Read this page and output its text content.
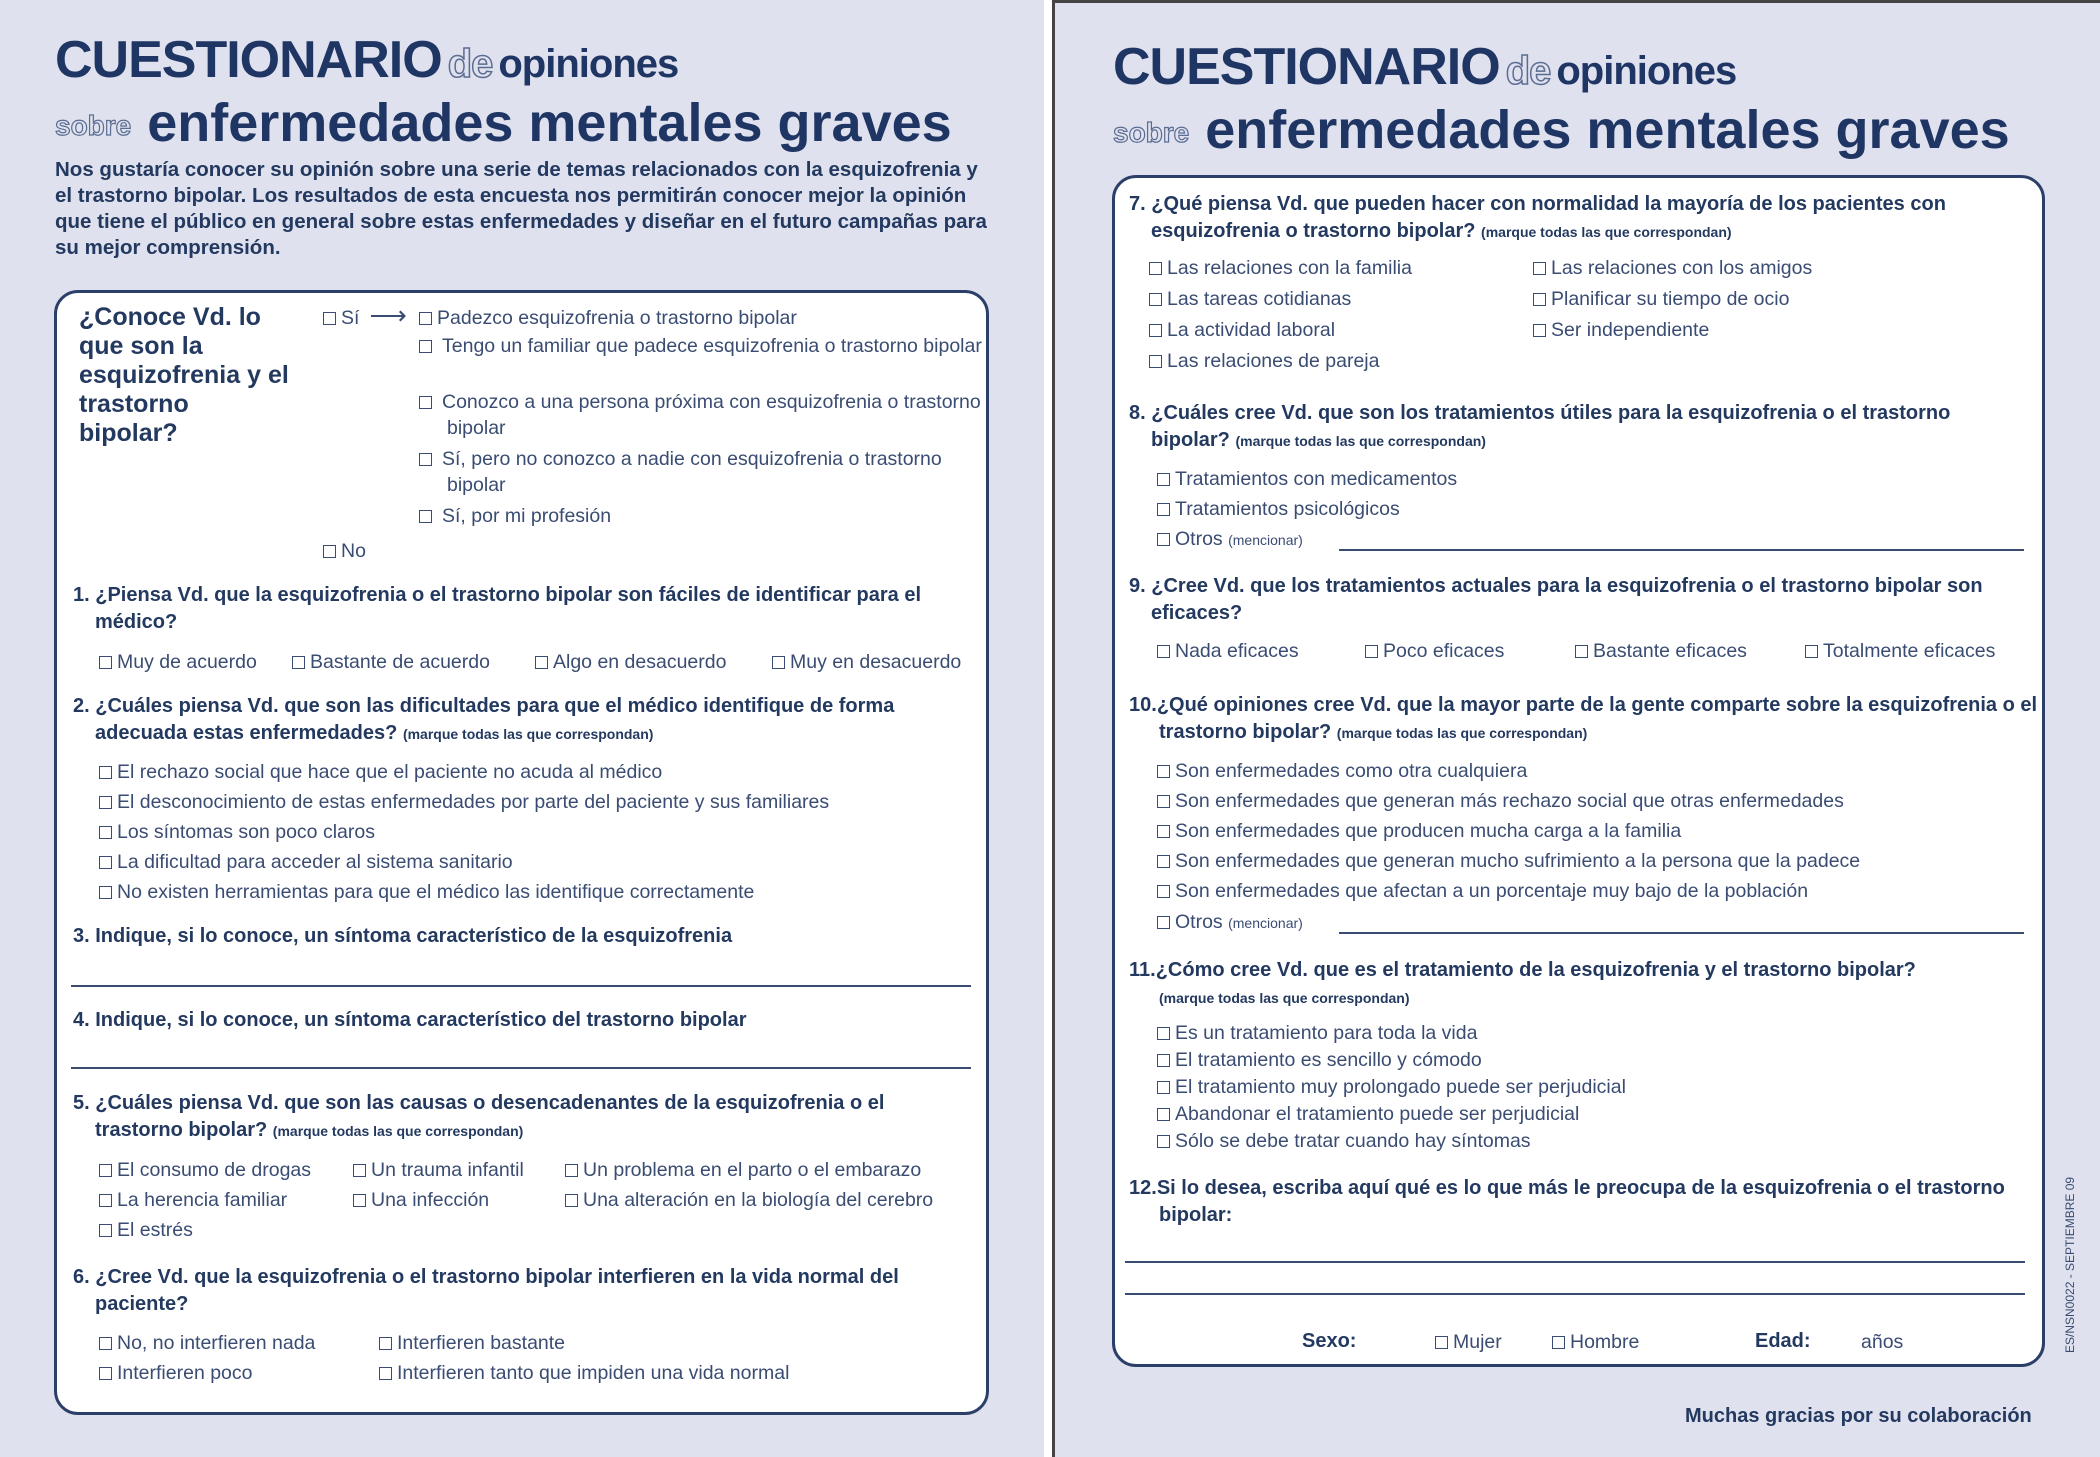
CUESTIONARIO de opiniones
sobre enfermedades mentales graves
Nos gustaría conocer su opinión sobre una serie de temas relacionados con la esquizofrenia y el trastorno bipolar. Los resultados de esta encuesta nos permitirán conocer mejor la opinión que tiene el público en general sobre estas enfermedades y diseñar en el futuro campañas para su mejor comprensión.
¿Conoce Vd. lo que son la esquizofrenia y el trastorno bipolar?
Sí ⟶	Padezco esquizofrenia o trastorno bipolar
Tengo un familiar que padece esquizofrenia o trastorno bipolar
Conozco a una persona próxima con esquizofrenia o trastorno bipolar
Sí, pero no conozco a nadie con esquizofrenia o trastorno bipolar
Sí, por mi profesión
No
1. ¿Piensa Vd. que la esquizofrenia o el trastorno bipolar son fáciles de identificar para el médico?
Muy de acuerdo	Bastante de acuerdo	Algo en desacuerdo	Muy en desacuerdo
2. ¿Cuáles piensa Vd. que son las dificultades para que el médico identifique de forma adecuada estas enfermedades? (marque todas las que correspondan)
El rechazo social que hace que el paciente no acuda al médico
El desconocimiento de estas enfermedades por parte del paciente y sus familiares
Los síntomas son poco claros
La dificultad para acceder al sistema sanitario
No existen herramientas para que el médico las identifique correctamente
3. Indique, si lo conoce, un síntoma característico de la esquizofrenia
4. Indique, si lo conoce, un síntoma característico del trastorno bipolar
5. ¿Cuáles piensa Vd. que son las causas o desencadenantes de la esquizofrenia o el trastorno bipolar? (marque todas las que correspondan)
El consumo de drogas	Un trauma infantil	Un problema en el parto o el embarazo
La herencia familiar	Una infección	Una alteración en la biología del cerebro
El estrés
6. ¿Cree Vd. que la esquizofrenia o el trastorno bipolar interfieren en la vida normal del paciente?
No, no interfieren nada	Interfieren bastante
Interfieren poco	Interfieren tanto que impiden una vida normal
CUESTIONARIO de opiniones
sobre enfermedades mentales graves
7. ¿Qué piensa Vd. que pueden hacer con normalidad la mayoría de los pacientes con esquizofrenia o trastorno bipolar? (marque todas las que correspondan)
Las relaciones con la familia	Las relaciones con los amigos
Las tareas cotidianas	Planificar su tiempo de ocio
La actividad laboral	Ser independiente
Las relaciones de pareja
8. ¿Cuáles cree Vd. que son los tratamientos útiles para la esquizofrenia o el trastorno bipolar? (marque todas las que correspondan)
Tratamientos con medicamentos
Tratamientos psicológicos
Otros (mencionar)
9. ¿Cree Vd. que los tratamientos actuales para la esquizofrenia o el trastorno bipolar son eficaces?
Nada eficaces	Poco eficaces	Bastante eficaces	Totalmente eficaces
10.¿Qué opiniones cree Vd. que la mayor parte de la gente comparte sobre la esquizofrenia o el trastorno bipolar? (marque todas las que correspondan)
Son enfermedades como otra cualquiera
Son enfermedades que generan más rechazo social que otras enfermedades
Son enfermedades que producen mucha carga a la familia
Son enfermedades que generan mucho sufrimiento a la persona que la padece
Son enfermedades que afectan a un porcentaje muy bajo de la población
Otros (mencionar)
11.¿Cómo cree Vd. que es el tratamiento de la esquizofrenia y el trastorno bipolar?
(marque todas las que correspondan)
Es un tratamiento para toda la vida
El tratamiento es sencillo y cómodo
El tratamiento muy prolongado puede ser perjudicial
Abandonar el tratamiento puede ser perjudicial
Sólo se debe tratar cuando hay síntomas
12.Si lo desea, escriba aquí qué es lo que más le preocupa de la esquizofrenia o el trastorno bipolar:
Sexo:	Mujer	Hombre	Edad:	años	ES/NSN0022 - SEPTIEMBRE 09
Muchas gracias por su colaboración
